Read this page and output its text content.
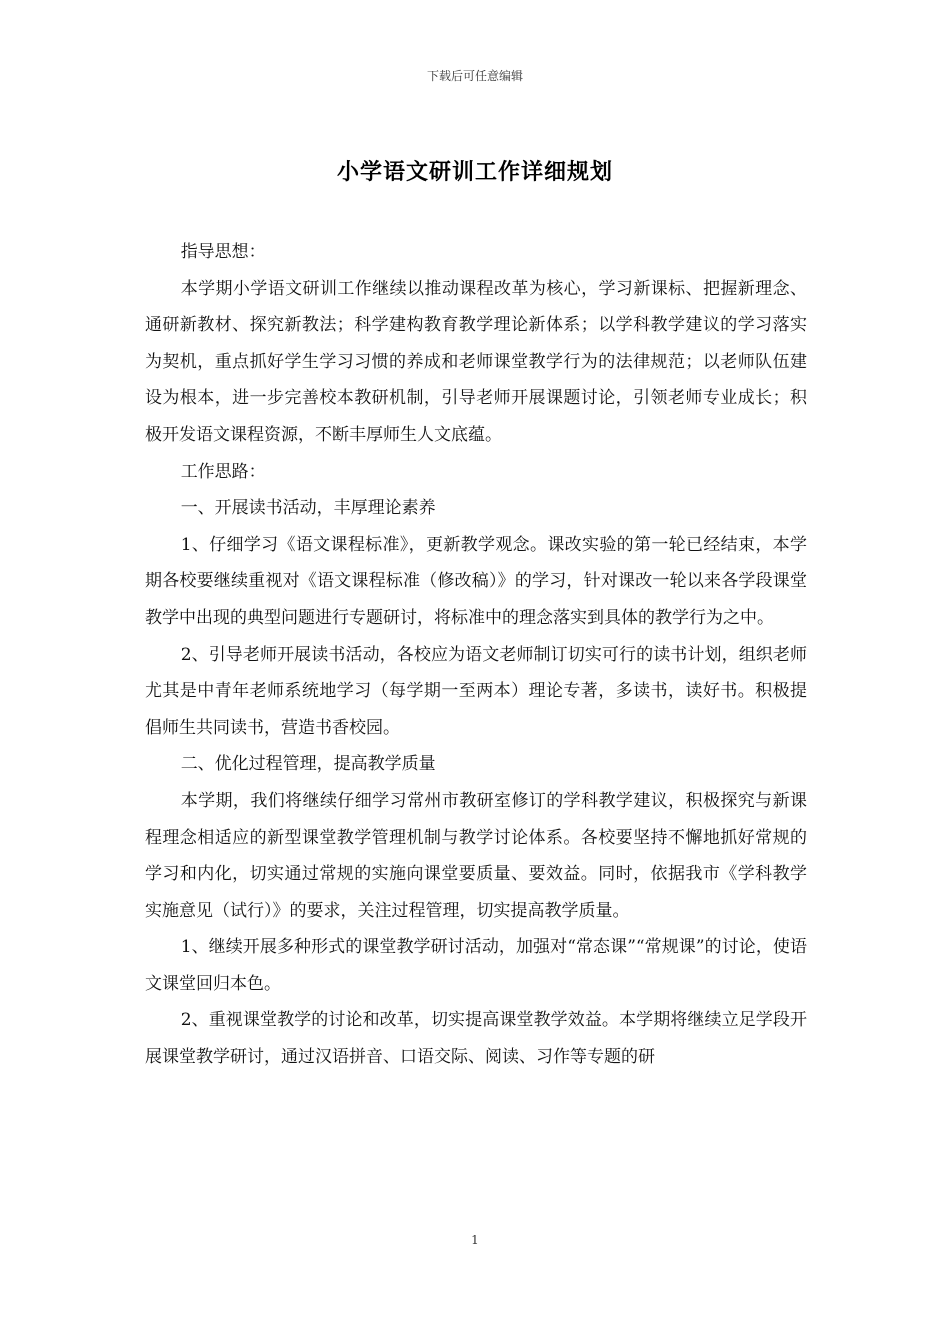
下载后可任意编辑
小学语文研训工作详细规划

指导思想：

本学期小学语文研训工作继续以推动课程改革为核心，学习新课标、把握新理念、通研新教材、探究新教法；科学建构教育教学理论新体系；以学科教学建议的学习落实为契机，重点抓好学生学习习惯的养成和老师课堂教学行为的法律规范；以老师队伍建设为根本，进一步完善校本教研机制，引导老师开展课题讨论，引领老师专业成长；积极开发语文课程资源，不断丰厚师生人文底蕴。

工作思路：

一、开展读书活动，丰厚理论素养

1、仔细学习《语文课程标准》，更新教学观念。课改实验的第一轮已经结束，本学期各校要继续重视对《语文课程标准（修改稿）》的学习，针对课改一轮以来各学段课堂教学中出现的典型问题进行专题研讨，将标准中的理念落实到具体的教学行为之中。

2、引导老师开展读书活动，各校应为语文老师制订切实可行的读书计划，组织老师尤其是中青年老师系统地学习（每学期一至两本）理论专著，多读书，读好书。积极提倡师生共同读书，营造书香校园。

二、优化过程管理，提高教学质量

本学期，我们将继续仔细学习常州市教研室修订的学科教学建议，积极探究与新课程理念相适应的新型课堂教学管理机制与教学讨论体系。各校要坚持不懈地抓好常规的学习和内化，切实通过常规的实施向课堂要质量、要效益。同时，依据我市《学科教学实施意见（试行）》的要求，关注过程管理，切实提高教学质量。

1、继续开展多种形式的课堂教学研讨活动，加强对“常态课”“常规课”的讨论，使语文课堂回归本色。

2、重视课堂教学的讨论和改革，切实提高课堂教学效益。本学期将继续立足学段开展课堂教学研讨，通过汉语拼音、口语交际、阅读、习作等专题的研

1
